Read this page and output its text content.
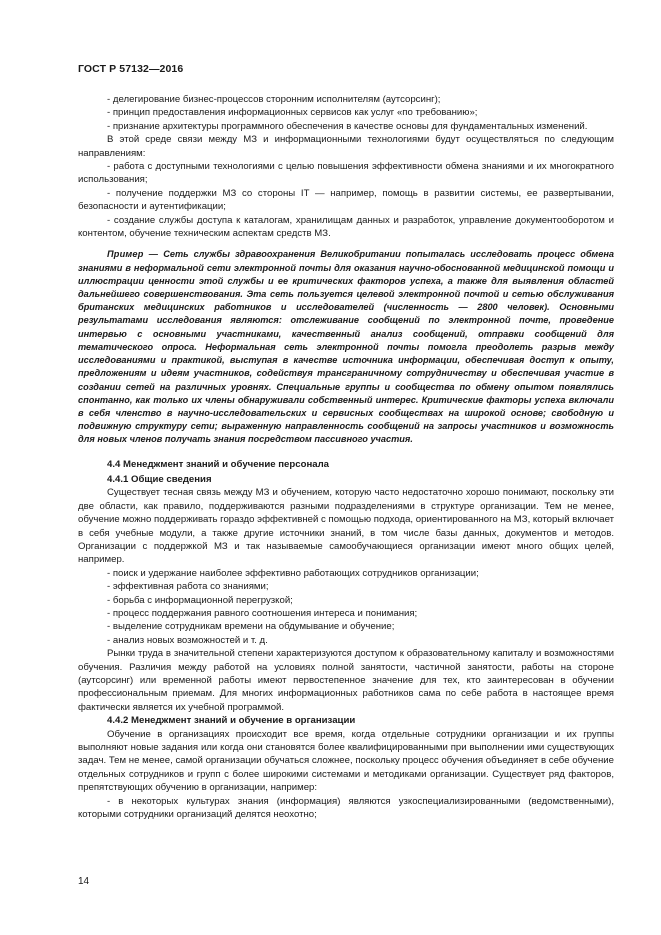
ГОСТ Р 57132—2016

- делегирование бизнес-процессов сторонним исполнителям (аутсорсинг);

- принцип предоставления информационных сервисов как услуг «по требованию»;

- признание архитектуры программного обеспечения в качестве основы для фундаментальных изменений.

В этой среде связи между МЗ и информационными технологиями будут осуществляться по следующим направлениям:

- работа с доступными технологиями с целью повышения эффективности обмена знаниями и их многократного использования;

- получение поддержки МЗ со стороны IT — например, помощь в развитии системы, ее развертывании, безопасности и аутентификации;

- создание службы доступа к каталогам, хранилищам данных и разработок, управление документооборотом и контентом, обучение техническим аспектам средств МЗ.

Пример — Сеть службы здравоохранения Великобритании попыталась исследовать процесс обмена знаниями в неформальной сети электронной почты для оказания научно-обоснованной медицинской помощи и иллюстрации ценности этой службы и ее критических факторов успеха, а также для выявления областей дальнейшего совершенствования. Эта сеть пользуется целевой электронной почтой и сетью обслуживания британских медицинских работников и исследователей (численность — 2800 человек). Основными результатами исследования являются: отслеживание сообщений по электронной почте, проведение интервью с основными участниками, качественный анализ сообщений, отправки сообщений для тематического опроса. Неформальная сеть электронной почты помогла преодолеть разрыв между исследованиями и практикой, выступая в качестве источника информации, обеспечивая доступ к опыту, предложениям и идеям участников, содействуя трансграничному сотрудничеству и обеспечивая участие в создании сетей на различных уровнях. Специальные группы и сообщества по обмену опытом появлялись спонтанно, как только их члены обнаруживали собственный интерес. Критические факторы успеха включали в себя членство в научно-исследовательских и сервисных сообществах на широкой основе; свободную и подвижную структуру сети; выраженную направленность сообщений на запросы участников и возможность для новых членов получать знания посредством пассивного участия.

4.4 Менеджмент знаний и обучение персонала

4.4.1 Общие сведения

Существует тесная связь между МЗ и обучением, которую часто недостаточно хорошо понимают, поскольку эти две области, как правило, поддерживаются разными подразделениями в структуре организации. Тем не менее, обучение можно поддерживать гораздо эффективней с помощью подхода, ориентированного на МЗ, который включает в себя учебные модули, а также другие источники знаний, в том числе базы данных, документов и методов. Организации с поддержкой МЗ и так называемые самообучающиеся организации имеют много общих целей, например.

- поиск и удержание наиболее эффективно работающих сотрудников организации;

- эффективная работа со знаниями;

- борьба с информационной перегрузкой;

- процесс поддержания равного соотношения интереса и понимания;

- выделение сотрудникам времени на обдумывание и обучение;

- анализ новых возможностей и т. д.

Рынки труда в значительной степени характеризуются доступом к образовательному капиталу и возможностями обучения. Различия между работой на условиях полной занятости, частичной занятости, работы на стороне (аутсорсинг) или временной работы имеют первостепенное значение для тех, кто заинтересован в обучении профессиональным приемам. Для многих информационных работников сама по себе работа в настоящее время фактически является их учебной программой.

4.4.2 Менеджмент знаний и обучение в организации

Обучение в организациях происходит все время, когда отдельные сотрудники организации и их группы выполняют новые задания или когда они становятся более квалифицированными при выполнении ими существующих задач. Тем не менее, самой организации обучаться сложнее, поскольку процесс обучения объединяет в себе обучение отдельных сотрудников и групп с более широкими системами и методиками организации. Существует ряд факторов, препятствующих обучению в организации, например:

- в некоторых культурах знания (информация) являются узкоспециализированными (ведомственными), которыми сотрудники организаций делятся неохотно;

14
